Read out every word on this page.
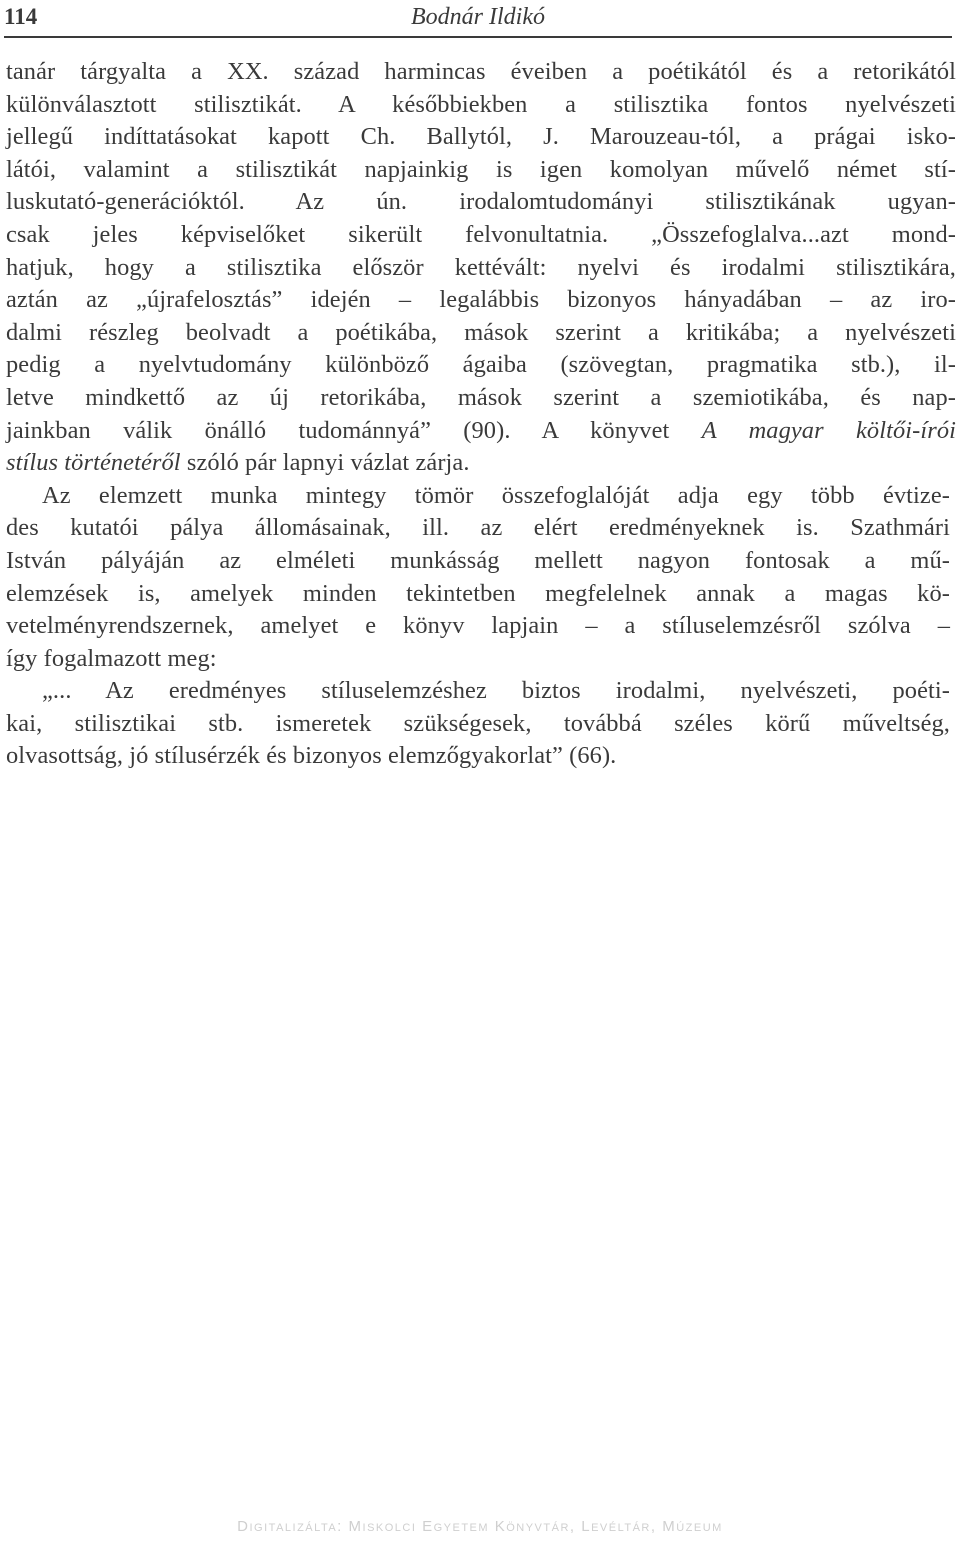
114	Bodnár Ildikó
tanár tárgyalta a XX. század harmincas éveiben a poétikától és a retorikától
különválasztott stilisztikát. A későbbiekben a stilisztika fontos nyelvészeti
jellegű indíttatásokat kapott Ch. Ballytól, J. Marouzeau-tól, a prágai isko-
látói, valamint a stilisztikát napjainkig is igen komolyan művelő német stí-
luskutató-generációktól. Az ún. irodalomtudományi stilisztikának ugyan-
csak jeles képviselőket sikerült felvonultatnia. „Összefoglalva...azt mond-
hatjuk, hogy a stilisztika először kettévált: nyelvi és irodalmi stilisztikára,
aztán az „újrafelosztás” idején – legalábbis bizonyos hányadában – az iro-
dalmi részleg beolvadt a poétikába, mások szerint a kritikába; a nyelvészeti
pedig a nyelvtudomány különböző ágaiba (szövegtan, pragmatika stb.), il-
letve mindkettő az új retorikába, mások szerint a szemiotikába, és nap-
jainkban válik önálló tudománnyá” (90). A könyvet A magyar költői-írói
stílus történetéről szóló pár lapnyi vázlat zárja.
Az elemzett munka mintegy tömör összefoglalóját adja egy több évtize-
des kutatói pálya állomásainak, ill. az elért eredményeknek is. Szathmári
István pályáján az elméleti munkásság mellett nagyon fontosak a mű-
elemzések is, amelyek minden tekintetben megfelelnek annak a magas kö-
vetelményrendszernek, amelyet e könyv lapjain – a stíluselemzésről szólva –
így fogalmazott meg:
„... Az eredményes stíluselemzéshez biztos irodalmi, nyelvészeti, poéti-
kai, stilisztikai stb. ismeretek szükségesek, továbbá széles körű műveltség,
olvasottság, jó stílusérzék és bizonyos elemzőgyakorlat” (66).
Digitalizálta: Miskolci Egyetem Könyvtár, Levéltár, Múzeum
